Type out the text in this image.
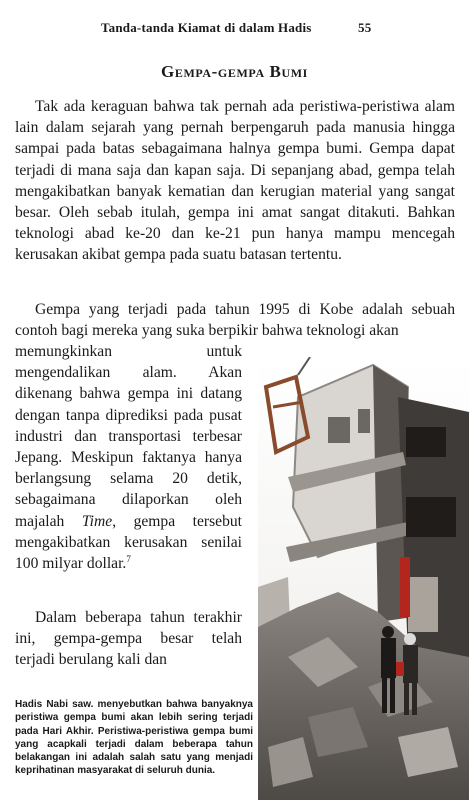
Tanda-tanda Kiamat di dalam Hadis	55
Gempa-gempa Bumi

Tak ada keraguan bahwa tak pernah ada peristiwa-peristiwa alam lain dalam sejarah yang pernah berpengaruh pada manusia hingga sampai pada batas sebagaimana halnya gempa bumi. Gempa dapat terjadi di mana saja dan kapan saja. Di sepanjang abad, gempa telah mengakibatkan banyak kematian dan kerugian material yang sangat besar. Oleh sebab itulah, gempa ini amat sangat ditakuti. Bahkan teknologi abad ke-20 dan ke-21 pun hanya mampu mencegah kerusakan akibat gempa pada suatu batasan tertentu.

Gempa yang terjadi pada tahun 1995 di Kobe adalah sebuah contoh bagi mereka yang suka berpikir bahwa teknologi akan

memungkinkan untuk mengendalikan alam. Akan dikenang bahwa gempa ini datang dengan tanpa diprediksi pada pusat industri dan transportasi terbesar Jepang. Meskipun faktanya hanya berlangsung selama 20 detik, sebagaimana dilaporkan oleh majalah Time, gempa tersebut mengakibatkan kerusakan senilai 100 milyar dollar.$^7$

Dalam beberapa tahun terakhir ini, gempa-gempa besar telah terjadi berulang kali dan

Hadis Nabi saw. menyebutkan bahwa banyaknya peristiwa gempa bumi akan lebih sering terjadi pada Hari Akhir. Peristiwa-peristiwa gempa bumi yang acapkali terjadi dalam beberapa tahun belakangan ini adalah salah satu yang menjadi keprihatinan masyarakat di seluruh dunia.
